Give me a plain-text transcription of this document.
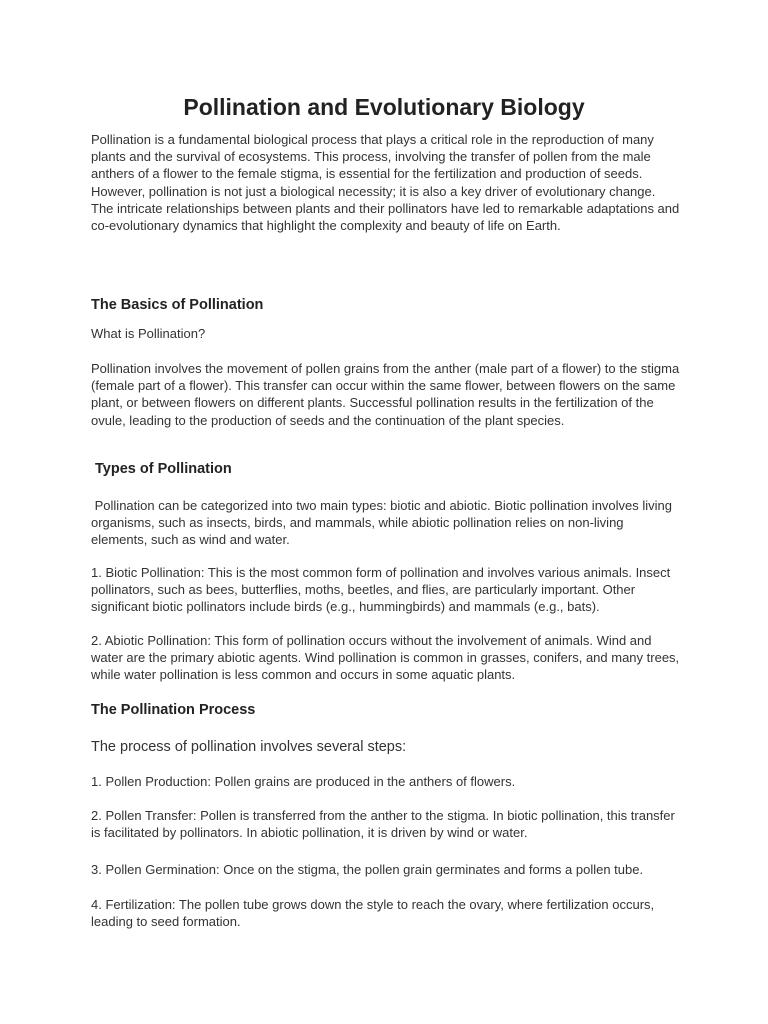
Pollination and Evolutionary Biology

Pollination is a fundamental biological process that plays a critical role in the reproduction of many plants and the survival of ecosystems. This process, involving the transfer of pollen from the male anthers of a flower to the female stigma, is essential for the fertilization and production of seeds. However, pollination is not just a biological necessity; it is also a key driver of evolutionary change. The intricate relationships between plants and their pollinators have led to remarkable adaptations and co-evolutionary dynamics that highlight the complexity and beauty of life on Earth.

The Basics of Pollination

What is Pollination?

Pollination involves the movement of pollen grains from the anther (male part of a flower) to the stigma (female part of a flower). This transfer can occur within the same flower, between flowers on the same plant, or between flowers on different plants. Successful pollination results in the fertilization of the ovule, leading to the production of seeds and the continuation of the plant species.

Types of Pollination

Pollination can be categorized into two main types: biotic and abiotic. Biotic pollination involves living organisms, such as insects, birds, and mammals, while abiotic pollination relies on non-living elements, such as wind and water.

1. Biotic Pollination: This is the most common form of pollination and involves various animals. Insect pollinators, such as bees, butterflies, moths, beetles, and flies, are particularly important. Other significant biotic pollinators include birds (e.g., hummingbirds) and mammals (e.g., bats).

2. Abiotic Pollination: This form of pollination occurs without the involvement of animals. Wind and water are the primary abiotic agents. Wind pollination is common in grasses, conifers, and many trees, while water pollination is less common and occurs in some aquatic plants.

The Pollination Process

The process of pollination involves several steps:

1. Pollen Production: Pollen grains are produced in the anthers of flowers.

2. Pollen Transfer: Pollen is transferred from the anther to the stigma. In biotic pollination, this transfer is facilitated by pollinators. In abiotic pollination, it is driven by wind or water.

3. Pollen Germination: Once on the stigma, the pollen grain germinates and forms a pollen tube.

4. Fertilization: The pollen tube grows down the style to reach the ovary, where fertilization occurs, leading to seed formation.
